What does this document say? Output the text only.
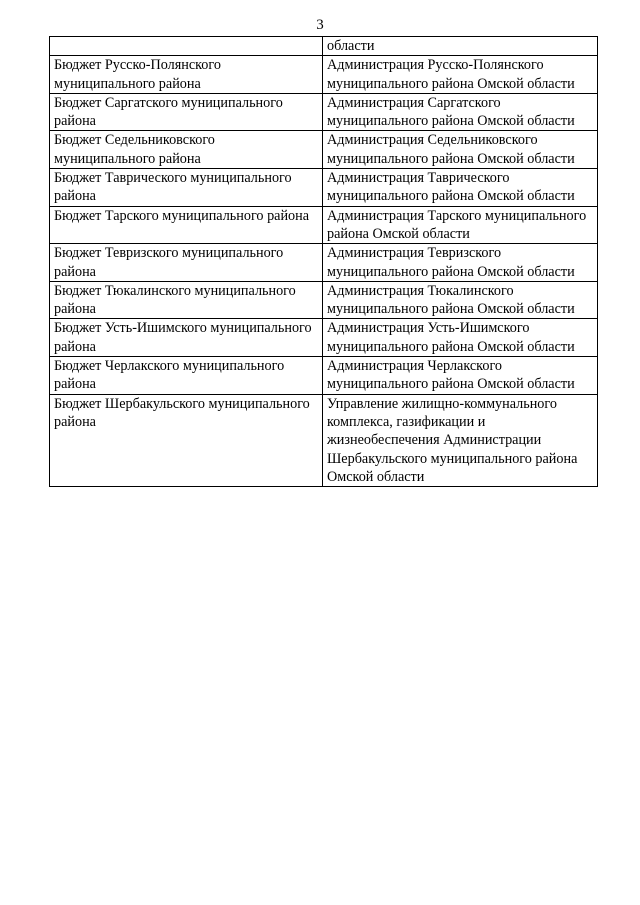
3

	области

Бюджет Русско-Полянского муниципального района	Администрация Русско-Полянского муниципального района Омской области

Бюджет Саргатского муниципального района	Администрация Саргатского муниципального района Омской области

Бюджет Седельниковского муниципального района	Администрация Седельниковского муниципального района Омской области

Бюджет Таврического муниципального района	Администрация Таврического муниципального района Омской области

Бюджет Тарского муниципального района	Администрация Тарского муниципального района Омской области

Бюджет Тевризского муниципального района	Администрация Тевризского муниципального района Омской области

Бюджет Тюкалинского муниципального района	Администрация Тюкалинского муниципального района Омской области

Бюджет Усть-Ишимского муниципального района	Администрация Усть-Ишимского муниципального района Омской области

Бюджет Черлакского муниципального района	Администрация Черлакского муниципального района Омской области

Бюджет Шербакульского муниципального района	Управление жилищно-коммунального комплекса, газификации и жизнеобеспечения Администрации Шербакульского муниципального района Омской области
